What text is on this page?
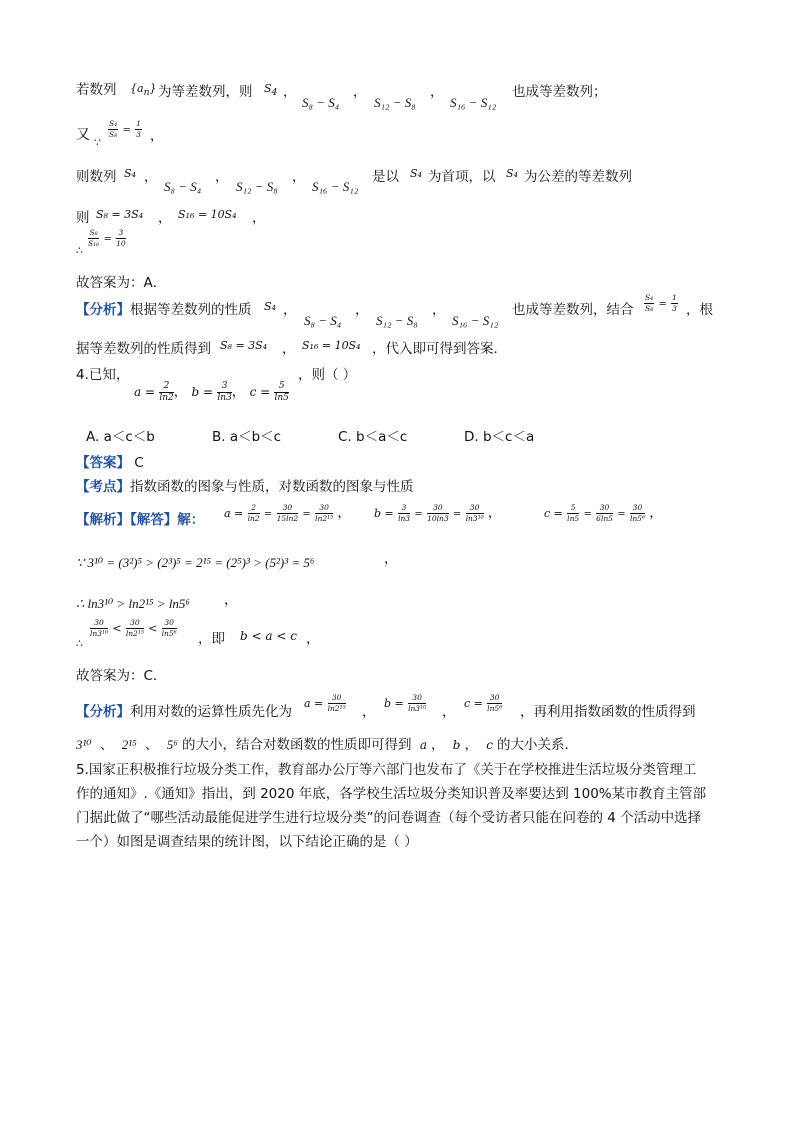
若数列 $\{a_n\}$ 为等差数列，则 $S_4$ ，
S₈ − S₄
，
S₁₂ − S₈
，
S₁₆ − S₁₂
也成等差数列；
又 ∵
$\frac{\text{S₄}}{\text{S₈}} = \frac{1}{3}$ ，
则数列 S₄ ，
S₈ − S₄
，
S₁₂ − S₈
，
S₁₆ − S₁₂
是以 S₄ 为首项，以 S₄ 为公差的等差数列
则 S₈ = 3S₄ ， S₁₆ = 10S₄ ，
∴
$\frac{\text{S₈}}{\text{S₁₆}} = \frac{3}{10}$
故答案为：A．
【分析】根据等差数列的性质 S₄ ，
S₈ − S₄
，
S₁₂ − S₈
，
S₁₆ − S₁₂
也成等差数列，结合 $\frac{\text{S₄}}{\text{S₈}} = \frac{1}{3}$ ，根
据等差数列的性质得到 S₈ = 3S₄ ， S₁₆ = 10S₄ ，代入即可得到答案．
4.已知，	，则（ ）
$a = \frac{2}{\ln 2}$ ， $b = \frac{3}{\ln 3}$ ， $c = \frac{5}{\ln 5}$
A. a＜c＜b	B. a＜b＜c	C. b＜a＜c	D. b＜c＜a
【答案】 C
【考点】指数函数的图象与性质，对数函数的图象与性质
【解析】【解答】解： $a = \frac{2}{\ln 2} = \frac{30}{15\ln 2} = \frac{30}{\text{ln2¹⁵}}$ ， $b = \frac{3}{\ln 3} = \frac{30}{10\ln 3} = \frac{30}{\text{ln3¹⁰}}$ ，	$c = \frac{5}{\ln 5} = \frac{30}{6\ln 5} = \frac{30}{\text{ln5⁶}}$ ，
∵ 3¹⁰ = (3²)⁵ > (2³)⁵ = 2¹⁵ = (2⁵)³ > (5²)³ = 5⁶	，
∴ ln3¹⁰ > ln2¹⁵ > ln5⁶	，
∴
$\frac{30}{\text{ln3¹⁰}} < \frac{30}{\text{ln2¹⁵}} < \frac{30}{\text{ln5⁶}}$
，即 b < a < c ，
故答案为：C．
【分析】利用对数的运算性质先化为
$a = \frac{30}{\text{ln2¹⁵}}$ ，
$b = \frac{30}{\text{ln3¹⁰}}$ ，
$c = \frac{30}{\text{ln5⁶}}$ ，再利用指数函数的性质得到
3¹⁰ 、 2¹⁵ 、 5⁶ 的大小，结合对数函数的性质即可得到 a ， b ， c 的大小关系．
5.国家正积极推行垃圾分类工作，教育部办公厅等六部门也发布了《关于在学校推进生活垃圾分类管理工
作的通知》.《通知》指出，到 2020 年底，各学校生活垃圾分类知识普及率要达到 100%某市教育主管部
门据此做了“哪些活动最能促进学生进行垃圾分类”的问卷调查（每个受访者只能在问卷的 4 个活动中选择
一个）如图是调查结果的统计图，以下结论正确的是（ ）
